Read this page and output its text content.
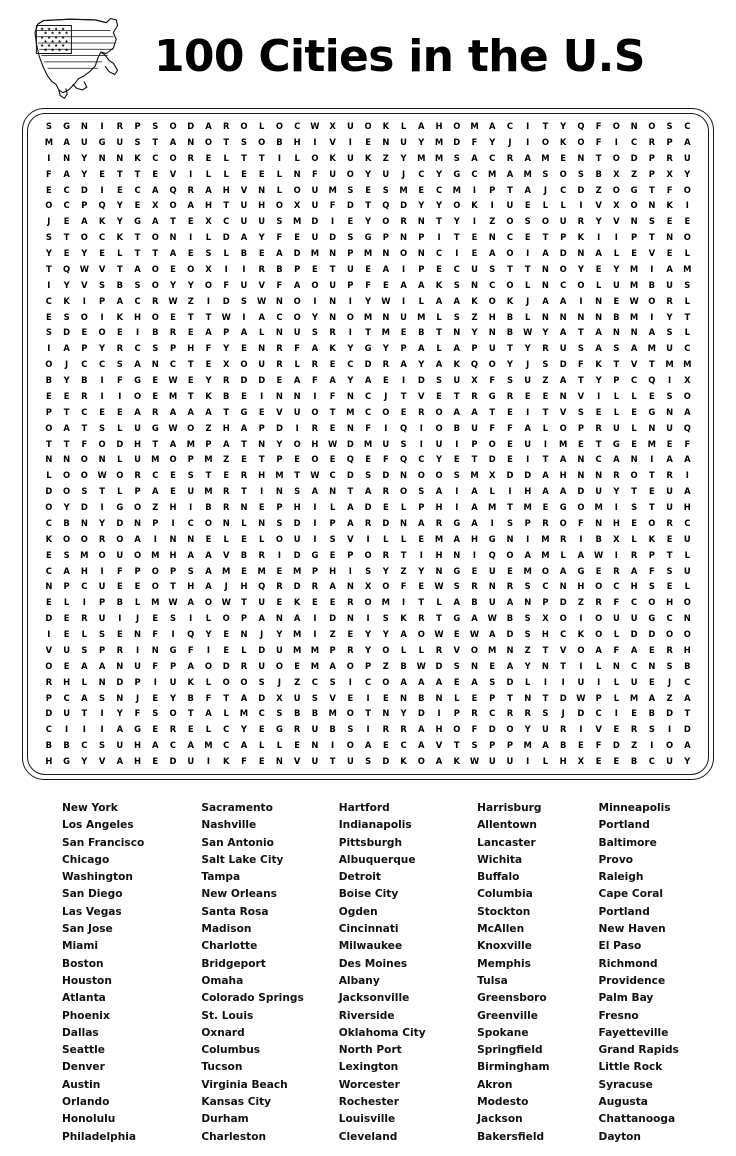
★ ★ ★ ★
★ ★ ★ ★
★ ★ ★ ★
★ ★ ★ ★
★ ★ ★ ★
★ ★ ★ ★ 100 Cities in the U.S
S	G	N	I	R	P	S	O	D	A	R	O	L	O	C	W	X	U	O	K	L	A	H	O	M	A	C	I	T	Y	Q	F	O	N	O	S	C
M	A	U	G	U	S	T	A	N	O	T	S	O	B	H	I	V	I	E	N	U	Y	M	D	F	Y	J	I	O	K	O	F	I	C	R	P	A
I	N	Y	N	N	K	C	O	R	E	L	T	T	I	L	O	K	U	K	Z	Y	M	M	S	A	C	R	A	M	E	N	T	O	D	P	R	U
F	A	Y	E	T	T	E	V	I	L	L	E	E	L	N	F	U	O	Y	U	J	C	Y	G	C	M	A	M	S	O	S	B	X	Z	P	X	Y
E	C	D	I	E	C	A	Q	R	A	H	V	N	L	O	U	M	S	E	S	M	E	C	M	I	P	T	A	J	C	D	Z	O	G	T	F	O
O	C	P	Q	Y	E	X	O	A	H	T	U	H	O	X	U	F	D	T	Q	D	Y	Y	O	K	I	U	E	L	L	I	V	X	O	N	K	I
J	E	A	K	Y	G	A	T	E	X	C	U	U	S	M	D	I	E	Y	O	R	N	T	Y	I	Z	O	S	O	U	R	Y	V	N	S	E	E
S	T	O	C	K	T	O	N	I	L	D	A	Y	F	E	U	D	S	G	P	N	P	I	T	E	N	C	E	T	P	K	I	I	P	T	N	O
Y	E	Y	E	L	T	T	A	E	S	L	B	E	A	D	M	N	P	M	N	O	N	C	I	E	A	O	I	A	D	N	A	L	E	V	E	L
T	Q	W	V	T	A	O	E	O	X	I	I	R	B	P	E	T	U	E	A	I	P	E	C	U	S	T	T	N	O	Y	E	Y	M	I	A	M
I	Y	V	S	B	S	O	Y	Y	O	F	U	V	F	A	O	U	P	F	E	A	A	K	S	N	C	O	L	N	C	O	L	U	M	B	U	S
C	K	I	P	A	C	R	W	Z	I	D	S	W	N	O	I	N	I	Y	W	I	L	A	A	K	O	K	J	A	A	I	N	E	W	O	R	L
E	S	O	I	K	H	O	E	T	T	W	I	A	C	O	Y	N	O	M	N	U	M	L	S	Z	H	B	L	N	N	N	N	B	M	I	Y	T
S	D	E	O	E	I	B	R	E	A	P	A	L	N	U	S	R	I	T	M	E	B	T	N	Y	N	B	W	Y	A	T	A	N	N	A	S	L
I	A	P	Y	R	C	S	P	H	F	Y	E	N	R	F	A	K	Y	G	Y	P	A	L	A	P	U	T	Y	R	U	S	A	S	A	M	U	C
O	J	C	C	S	A	N	C	T	E	X	O	U	R	L	R	E	C	D	R	A	Y	A	K	Q	O	Y	J	S	D	F	K	T	V	T	M	M
B	Y	B	I	F	G	E	W	E	Y	R	D	D	E	A	F	A	Y	A	E	I	D	S	U	X	F	S	U	Z	A	T	Y	P	C	Q	I	X
E	E	R	I	I	O	E	M	T	K	B	E	I	N	N	I	F	N	C	J	T	V	E	T	R	G	R	E	E	N	V	I	L	L	E	S	O
P	T	C	E	E	A	R	A	A	A	T	G	E	V	U	O	T	M	C	O	E	R	O	A	A	T	E	I	T	V	S	E	L	E	G	N	A
O	A	T	S	L	U	G	W	O	Z	H	A	P	D	I	R	E	N	F	I	Q	I	O	B	U	F	F	A	L	O	P	R	U	L	N	U	Q
T	T	F	O	D	H	T	A	M	P	A	T	N	Y	O	H	W	D	M	U	S	I	U	I	P	O	E	U	I	M	E	T	G	E	M	E	F
N	N	O	N	L	U	M	O	P	M	Z	E	T	P	E	O	E	Q	E	F	Q	C	Y	E	T	D	E	I	T	A	N	C	A	N	I	A	A
L	O	O	W	O	R	C	E	S	T	E	R	H	M	T	W	C	D	S	D	N	O	O	S	M	X	D	D	A	H	N	N	R	O	T	R	I
D	O	S	T	L	P	A	E	U	M	R	T	I	N	S	A	N	T	A	R	O	S	A	I	A	L	I	H	A	A	D	U	Y	T	E	U	A
O	Y	D	I	G	O	Z	H	I	B	R	N	E	P	H	I	L	A	D	E	L	P	H	I	A	M	T	M	E	G	O	M	I	S	T	U	H
C	B	N	Y	D	N	P	I	C	O	N	L	N	S	D	I	P	A	R	D	N	A	R	G	A	I	S	P	R	O	F	N	H	E	O	R	C
K	O	O	R	O	A	I	N	N	E	L	E	L	O	U	I	S	V	I	L	L	E	M	A	H	G	N	I	M	R	I	B	X	L	K	E	U
E	S	M	O	U	O	M	H	A	A	V	B	R	I	D	G	E	P	O	R	T	I	H	N	I	Q	O	A	M	L	A	W	I	R	P	T	L
C	A	H	I	F	P	O	P	S	A	M	E	M	E	M	P	H	I	S	Y	Z	Y	N	G	E	U	E	M	O	A	G	E	R	A	F	S	U
N	P	C	U	E	E	O	T	H	A	J	H	Q	R	D	R	A	N	X	O	F	E	W	S	R	N	R	S	C	N	H	O	C	H	S	E	L
E	L	I	P	B	L	M	W	A	O	W	T	U	E	K	E	E	R	O	M	I	T	L	A	B	U	A	N	P	D	Z	R	F	C	O	H	O
D	E	R	U	I	J	E	S	I	L	O	P	A	N	A	I	D	N	I	S	K	R	T	G	A	W	B	S	X	O	I	O	U	U	G	C	N
I	E	L	S	E	N	F	I	Q	Y	E	N	J	Y	M	I	Z	E	Y	Y	A	O	W	E	W	A	D	S	H	C	K	O	L	D	D	O	O
V	U	S	P	R	I	N	G	F	I	E	L	D	U	M	M	P	R	Y	O	L	L	R	V	O	M	N	Z	T	V	O	A	F	A	E	R	H
O	E	A	A	N	U	F	P	A	O	D	R	U	O	E	M	A	O	P	Z	B	W	D	S	N	E	A	Y	N	T	I	L	N	C	N	S	B
R	H	L	N	D	P	I	U	K	L	O	O	S	J	Z	C	S	I	C	O	A	A	A	E	A	S	D	L	I	I	U	I	L	U	E	J	C
P	C	A	S	N	J	E	Y	B	F	T	A	D	X	U	S	V	E	I	E	N	B	N	L	E	P	T	N	T	D	W	P	L	M	A	Z	A
D	U	T	I	Y	F	S	O	T	A	L	M	C	S	B	B	M	O	T	N	Y	D	I	P	R	C	R	R	S	J	D	C	I	E	B	D	T
C	I	I	I	A	G	E	R	E	L	C	Y	E	G	R	U	B	S	I	R	R	A	H	O	F	D	O	Y	U	R	I	V	E	R	S	I	D
B	B	C	S	U	H	A	C	A	M	C	A	L	L	E	N	I	O	A	E	C	A	V	T	S	P	P	M	A	B	E	F	D	Z	I	O	A
H	G	Y	V	A	H	E	D	U	I	K	F	E	N	V	U	T	U	S	D	K	O	A	K	W	U	U	I	L	H	X	E	E	B	C	U	Y
New York
Los Angeles
San Francisco
Chicago
Washington
San Diego
Las Vegas
San Jose
Miami
Boston
Houston
Atlanta
Phoenix
Dallas
Seattle
Denver
Austin
Orlando
Honolulu
Philadelphia
Sacramento
Nashville
San Antonio
Salt Lake City
Tampa
New Orleans
Santa Rosa
Madison
Charlotte
Bridgeport
Omaha
Colorado Springs
St. Louis
Oxnard
Columbus
Tucson
Virginia Beach
Kansas City
Durham
Charleston
Hartford
Indianapolis
Pittsburgh
Albuquerque
Detroit
Boise City
Ogden
Cincinnati
Milwaukee
Des Moines
Albany
Jacksonville
Riverside
Oklahoma City
North Port
Lexington
Worcester
Rochester
Louisville
Cleveland
Harrisburg
Allentown
Lancaster
Wichita
Buffalo
Columbia
Stockton
McAllen
Knoxville
Memphis
Tulsa
Greensboro
Greenville
Spokane
Springfield
Birmingham
Akron
Modesto
Jackson
Bakersfield
Minneapolis
Portland
Baltimore
Provo
Raleigh
Cape Coral
Portland
New Haven
El Paso
Richmond
Providence
Palm Bay
Fresno
Fayetteville
Grand Rapids
Little Rock
Syracuse
Augusta
Chattanooga
Dayton
